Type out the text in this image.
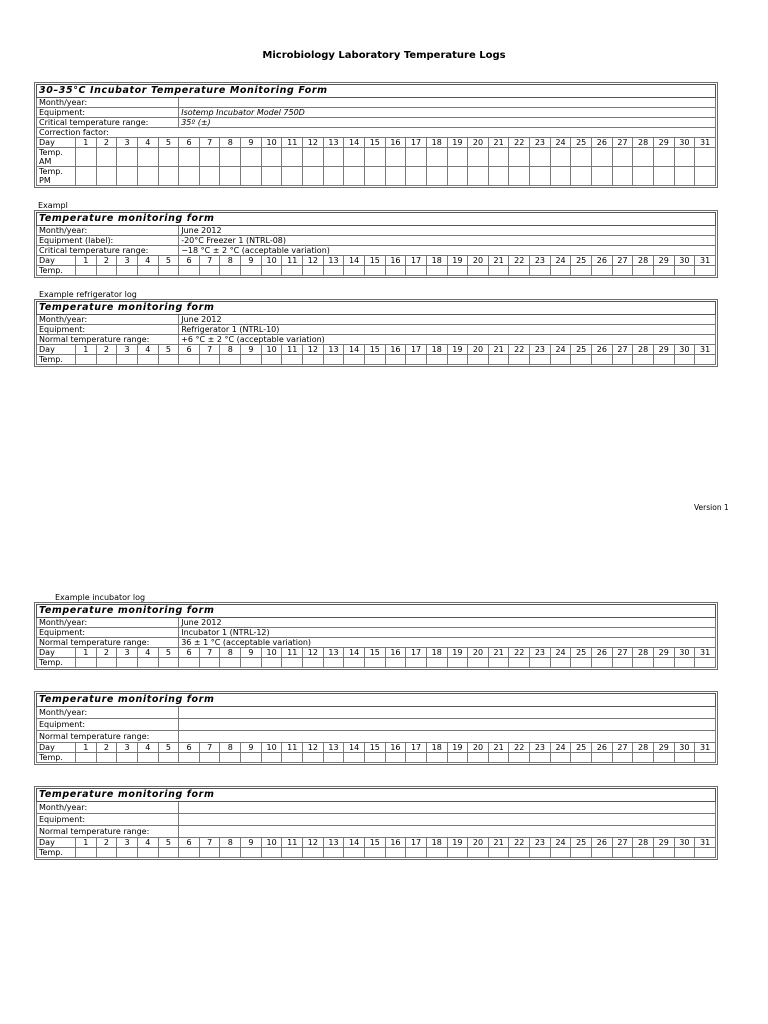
Microbiology Laboratory Temperature Logs
30–35°C Incubator Temperature Monitoring Form																															
Month/year:																															
Equipment:						Isotemp Incubator Model 750D																									
Critical temperature range:						35º (±)																									
Correction factor:																															
Day	1	2	3	4	5	6	7	8	9	10	11	12	13	14	15	16	17	18	19	20	21	22	23	24	25	26	27	28	29	30	31
Temp. AM																															
Temp. PM																															
Exampl
Temperature monitoring form																															
Month/year:						June 2012																									
Equipment (label):						-20°C Freezer 1 (NTRL-08)																									
Critical temperature range:						−18 °C ± 2 °C (acceptable variation)																									
Day	1	2	3	4	5	6	7	8	9	10	11	12	13	14	15	16	17	18	19	20	21	22	23	24	25	26	27	28	29	30	31
Temp.																															
Example refrigerator log
Temperature monitoring form																															
Month/year:						June 2012																									
Equipment:						Refrigerator 1 (NTRL-10)																									
Normal temperature range:						+6 °C ± 2 °C (acceptable variation)																									
Day	1	2	3	4	5	6	7	8	9	10	11	12	13	14	15	16	17	18	19	20	21	22	23	24	25	26	27	28	29	30	31
Temp.																															
Version 1
Example incubator log
Temperature monitoring form																															
Month/year:						June 2012																									
Equipment:						Incubator 1 (NTRL-12)																									
Normal temperature range:						36 ± 1 °C (acceptable variation)																									
Day	1	2	3	4	5	6	7	8	9	10	11	12	13	14	15	16	17	18	19	20	21	22	23	24	25	26	27	28	29	30	31
Temp.																															
Temperature monitoring form																															
Month/year:																															
Equipment:																															
Normal temperature range:																															
Day	1	2	3	4	5	6	7	8	9	10	11	12	13	14	15	16	17	18	19	20	21	22	23	24	25	26	27	28	29	30	31
Temp.																															
Temperature monitoring form																															
Month/year:																															
Equipment:																															
Normal temperature range:																															
Day	1	2	3	4	5	6	7	8	9	10	11	12	13	14	15	16	17	18	19	20	21	22	23	24	25	26	27	28	29	30	31
Temp.																															
